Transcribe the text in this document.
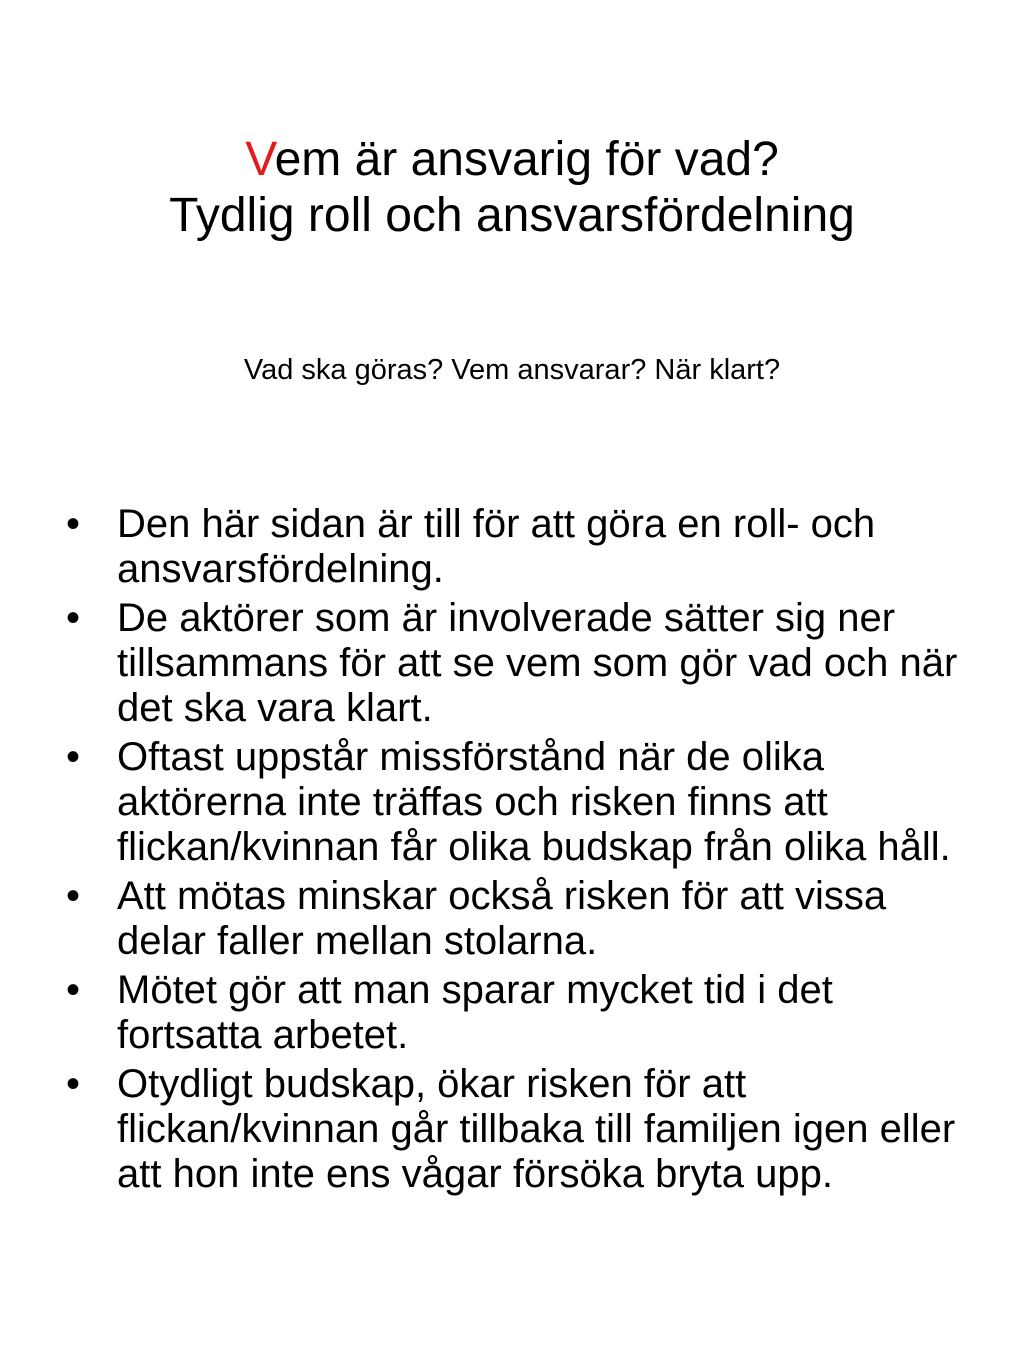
Vem är ansvarig för vad?

Tydlig roll och ansvarsfördelning

Vad ska göras? Vem ansvarar? När klart?
• Den här sidan är till för att göra en roll- och ansvarsfördelning.
• De aktörer som är involverade sätter sig ner tillsammans för att se vem som gör vad och när det ska vara klart.
• Oftast uppstår missförstånd när de olika aktörerna inte träffas och risken finns att flickan/kvinnan får olika budskap från olika håll.
• Att mötas minskar också risken för att vissa delar faller mellan stolarna.
• Mötet gör att man sparar mycket tid i det fortsatta arbetet.
• Otydligt budskap, ökar risken för att flickan/kvinnan går tillbaka till familjen igen eller att hon inte ens vågar försöka bryta upp.
